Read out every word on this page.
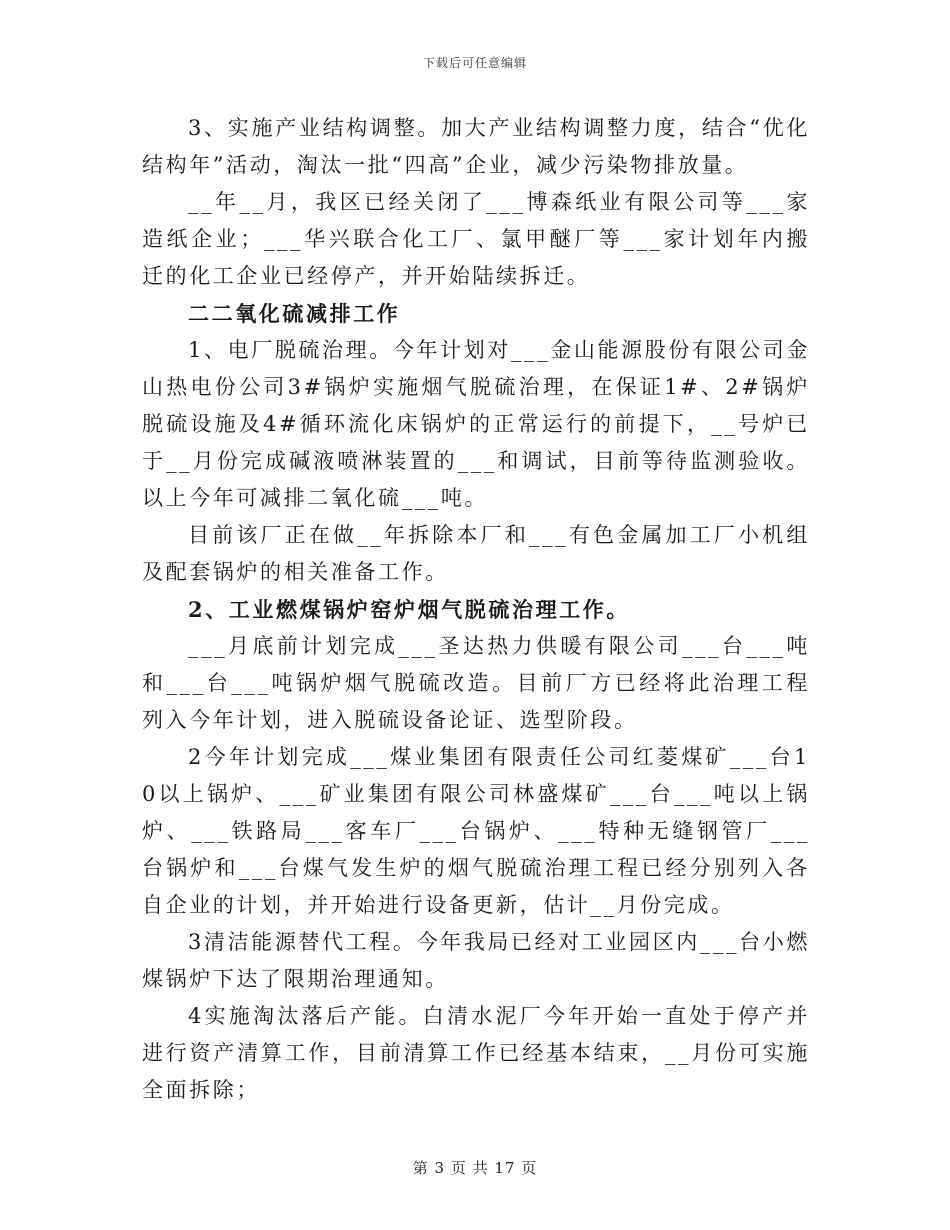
下载后可任意编辑

3、实施产业结构调整。加大产业结构调整力度，结合“优化结构年”活动，淘汰一批“四高”企业，减少污染物排放量。

__年__月，我区已经关闭了___博森纸业有限公司等___家造纸企业；___华兴联合化工厂、氯甲醚厂等___家计划年内搬迁的化工企业已经停产，并开始陆续拆迁。

二二氧化硫减排工作

1、电厂脱硫治理。今年计划对___金山能源股份有限公司金山热电份公司3#锅炉实施烟气脱硫治理，在保证1#、2#锅炉脱硫设施及4#循环流化床锅炉的正常运行的前提下，__号炉已于__月份完成碱液喷淋装置的___和调试，目前等待监测验收。以上今年可减排二氧化硫___吨。

目前该厂正在做__年拆除本厂和___有色金属加工厂小机组及配套锅炉的相关准备工作。

2、工业燃煤锅炉窑炉烟气脱硫治理工作。

___月底前计划完成___圣达热力供暖有限公司___台___吨和___台___吨锅炉烟气脱硫改造。目前厂方已经将此治理工程列入今年计划，进入脱硫设备论证、选型阶段。

2今年计划完成___煤业集团有限责任公司红菱煤矿___台10以上锅炉、___矿业集团有限公司林盛煤矿___台___吨以上锅炉、___铁路局___客车厂___台锅炉、___特种无缝钢管厂___台锅炉和___台煤气发生炉的烟气脱硫治理工程已经分别列入各自企业的计划，并开始进行设备更新，估计__月份完成。

3清洁能源替代工程。今年我局已经对工业园区内___台小燃煤锅炉下达了限期治理通知。

4实施淘汰落后产能。白清水泥厂今年开始一直处于停产并进行资产清算工作，目前清算工作已经基本结束，__月份可实施全面拆除；

第 3 页 共 17 页
